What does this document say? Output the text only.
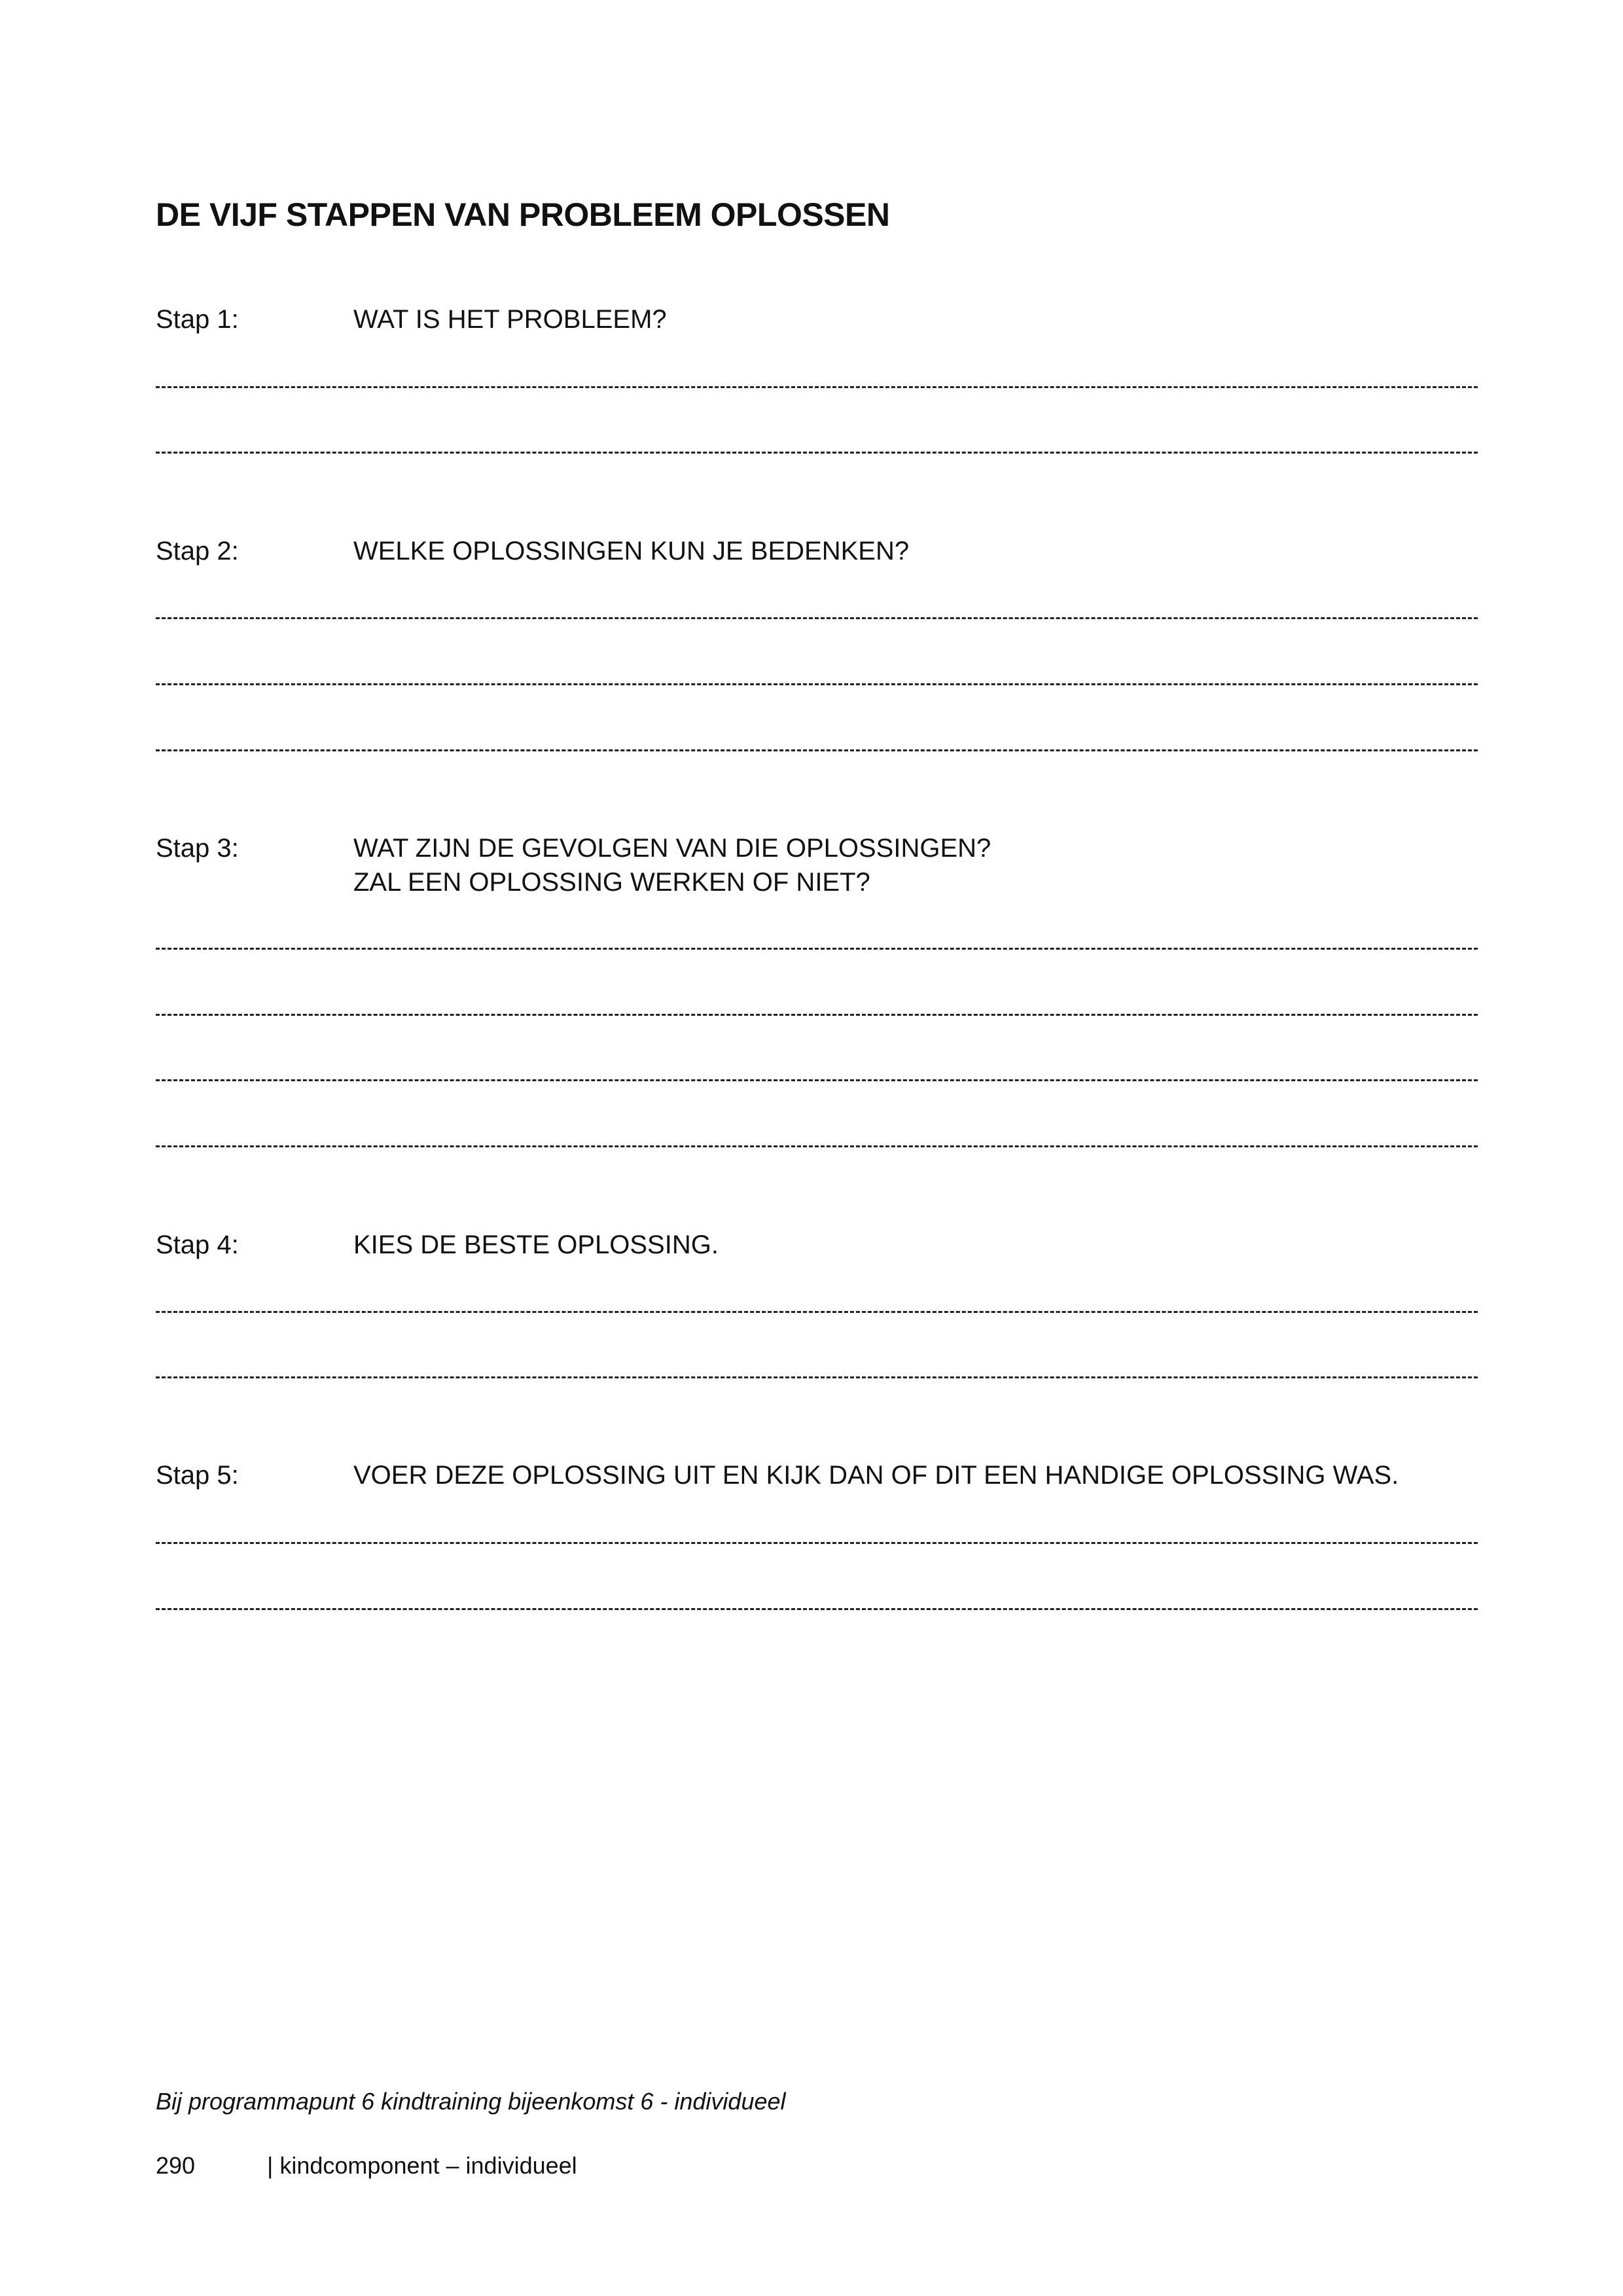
DE VIJF STAPPEN VAN PROBLEEM OPLOSSEN
Stap 1:	WAT IS HET PROBLEEM?
Stap 2:	WELKE OPLOSSINGEN KUN JE BEDENKEN?
Stap 3:	WAT ZIJN DE GEVOLGEN VAN DIE OPLOSSINGEN?
ZAL EEN OPLOSSING WERKEN OF NIET?
Stap 4:	KIES DE BESTE OPLOSSING.
Stap 5:	VOER DEZE OPLOSSING UIT EN KIJK DAN OF DIT EEN HANDIGE OPLOSSING WAS.
Bij programmapunt 6 kindtraining bijeenkomst 6 - individueel
290	| kindcomponent – individueel
